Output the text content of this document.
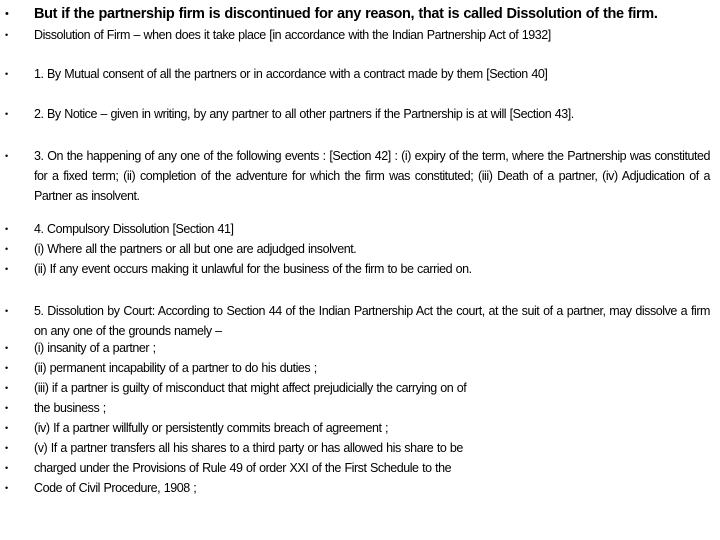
• But if the partnership firm is discontinued for any reason, that is called Dissolution of the firm.
• Dissolution of Firm – when does it take place [in accordance with the Indian Partnership Act of 1932]
• 1. By Mutual consent of all the partners or in accordance with a contract made by them [Section 40]
• 2. By Notice – given in writing, by any partner to all other partners if the Partnership is at will [Section 43].
• 3. On the happening of any one of the following events : [Section 42] : (i) expiry of the term, where the Partnership was constituted for a fixed term; (ii) completion of the adventure for which the firm was constituted; (iii) Death of a partner, (iv) Adjudication of a Partner as insolvent.
• 4. Compulsory Dissolution [Section 41]
• (i) Where all the partners or all but one are adjudged insolvent.
• (ii) If any event occurs making it unlawful for the business of the firm to be carried on.
• 5. Dissolution by Court: According to Section 44 of the Indian Partnership Act the court, at the suit of a partner, may dissolve a firm on any one of the grounds namely –
• (i) insanity of a partner ;
• (ii) permanent incapability of a partner to do his duties ;
• (iii) if a partner is guilty of misconduct that might affect prejudicially the carrying on of
• the business ;
• (iv) If a partner willfully or persistently commits breach of agreement ;
• (v) If a partner transfers all his shares to a third party or has allowed his share to be
• charged under the Provisions of Rule 49 of order XXI of the First Schedule to the
• Code of Civil Procedure, 1908 ;
